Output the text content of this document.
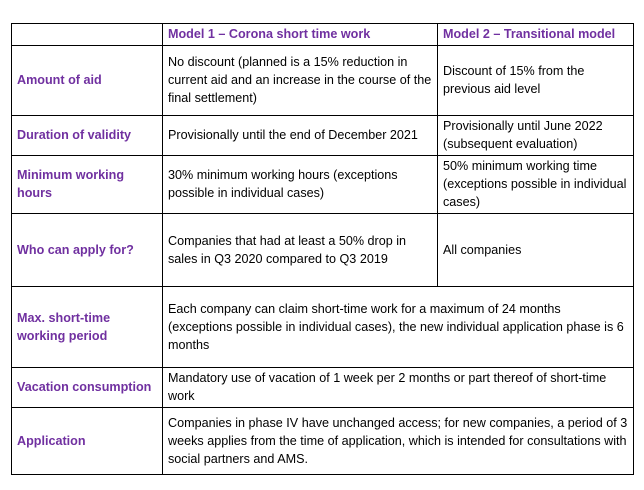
	Model 1 – Corona short time work	Model 2 – Transitional model
Amount of aid	No discount (planned is a 15% reduction in current aid and an increase in the course of the final settlement)	Discount of 15% from the previous aid level
Duration of validity	Provisionally until the end of December 2021	Provisionally until June 2022 (subsequent evaluation)
Minimum working hours	30% minimum working hours (exceptions possible in individual cases)	50% minimum working time (exceptions possible in individual cases)
Who can apply for?	Companies that had at least a 50% drop in sales in Q3 2020 compared to Q3 2019	All companies
Max. short-time working period	Each company can claim short-time work for a maximum of 24 months (exceptions possible in individual cases), the new individual application phase is 6 months	
Vacation consumption	Mandatory use of vacation of 1 week per 2 months or part thereof of short-time work	
Application	Companies in phase IV have unchanged access; for new companies, a period of 3 weeks applies from the time of application, which is intended for consultations with social partners and AMS.	
